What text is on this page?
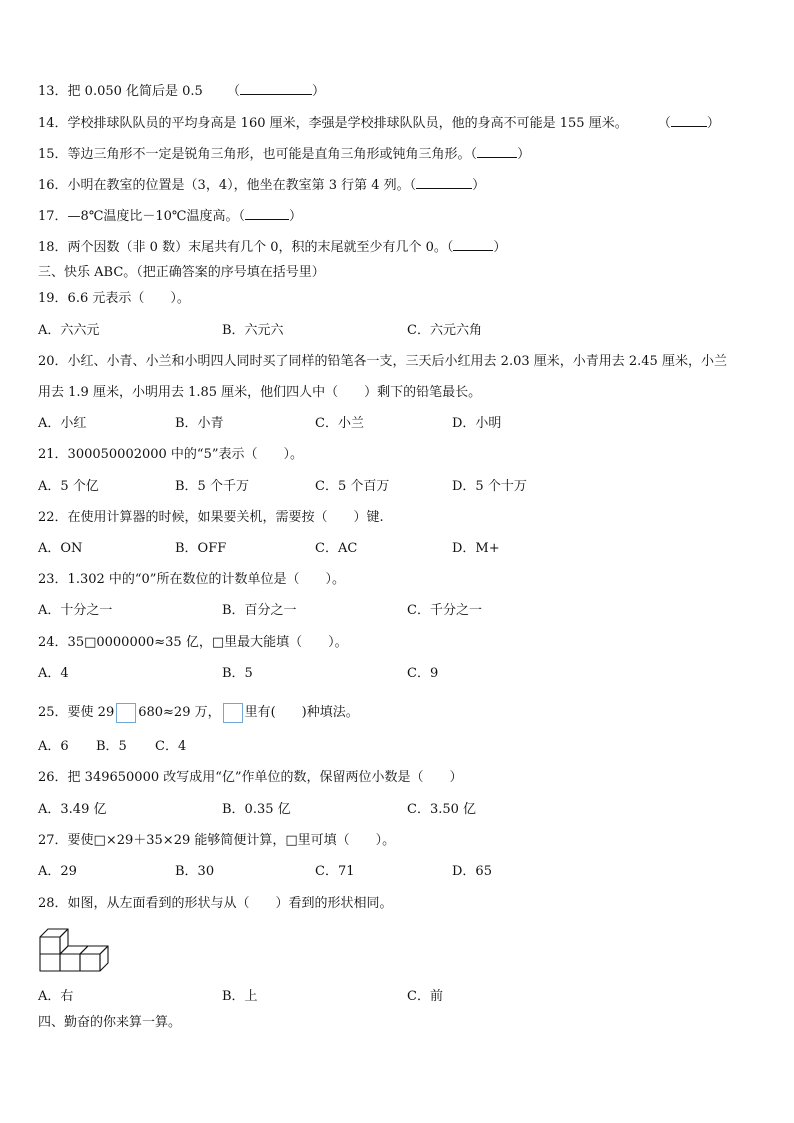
13．把 0.050 化简后是 0.5 （	）
14．学校排球队队员的平均身高是 160 厘米，李强是学校排球队队员，他的身高不可能是 155 厘米。 （	）
15．等边三角形不一定是锐角三角形，也可能是直角三角形或钝角三角形。（	）
16．小明在教室的位置是（3，4），他坐在教室第 3 行第 4 列。（	）
17．—8℃温度比－10℃温度高。（	）
18．两个因数（非 0 数）末尾共有几个 0，积的末尾就至少有几个 0。（	）
三、快乐 ABC。（把正确答案的序号填在括号里）
19．6.6 元表示（　　）。
A．六六元	B．六元六	C．六元六角
20．小红、小青、小兰和小明四人同时买了同样的铅笔各一支，三天后小红用去 2.03 厘米，小青用去 2.45 厘米，小兰
用去 1.9 厘米，小明用去 1.85 厘米，他们四人中（　　）剩下的铅笔最长。
A．小红	B．小青	C．小兰	D．小明
21．300050002000 中的“5”表示（　　）。
A．5 个亿	B．5 个千万	C．5 个百万	D．5 个十万
22．在使用计算器的时候，如果要关机，需要按（　　）键.
A．ON	B．OFF	C．AC	D．M+
23．1.302 中的“0”所在数位的计数单位是（　　）。
A．十分之一	B．百分之一	C．千分之一
24．35□0000000≈35 亿，□里最大能填（　　）。
A．4	B．5	C．9
25．要使 29 680≈29 万， 里有(　　)种填法。
A．6 B．5 C．4
26．把 349650000 改写成用“亿”作单位的数，保留两位小数是（　　）
A．3.49 亿	B．0.35 亿	C．3.50 亿
27．要使□×29＋35×29 能够简便计算，□里可填（　　）。
A．29	B．30	C．71	D．65
28．如图，从左面看到的形状与从（　　）看到的形状相同。
A．右	B．上	C．前
四、勤奋的你来算一算。
